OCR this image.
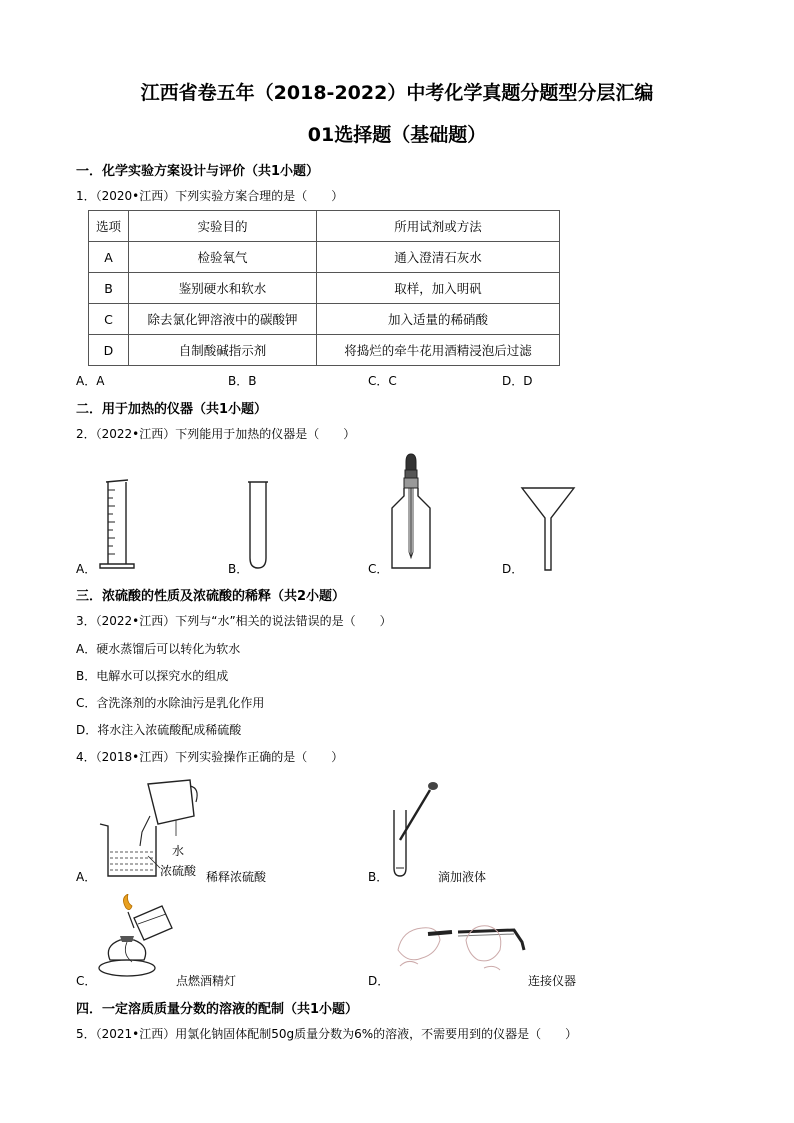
江西省卷五年（2018-2022）中考化学真题分题型分层汇编
01选择题（基础题）
一．化学实验方案设计与评价（共1小题）
1．（2020•江西）下列实验方案合理的是（　　）
选项	实验目的	所用试剂或方法
A	检验氧气	通入澄清石灰水
B	鉴别硬水和软水	取样，加入明矾
C	除去氯化钾溶液中的碳酸钾	加入适量的稀硝酸
D	自制酸碱指示剂	将捣烂的牵牛花用酒精浸泡后过滤
A．A	B．B	C．C	D．D
二．用于加热的仪器（共1小题）
2．（2022•江西）下列能用于加热的仪器是（　　）
A．	B．	C．	D．
三．浓硫酸的性质及浓硫酸的稀释（共2小题）
3．（2022•江西）下列与“水”相关的说法错误的是（　　）
A．硬水蒸馏后可以转化为软水
B．电解水可以探究水的组成
C．含洗涤剂的水除油污是乳化作用
D．将水注入浓硫酸配成稀硫酸
4．（2018•江西）下列实验操作正确的是（　　）
A．
水
浓硫酸 稀释浓硫酸	B．	滴加液体
C．	点燃酒精灯	D．	连接仪器
四．一定溶质质量分数的溶液的配制（共1小题）
5．（2021•江西）用氯化钠固体配制50g质量分数为6%的溶液，不需要用到的仪器是（　　）
